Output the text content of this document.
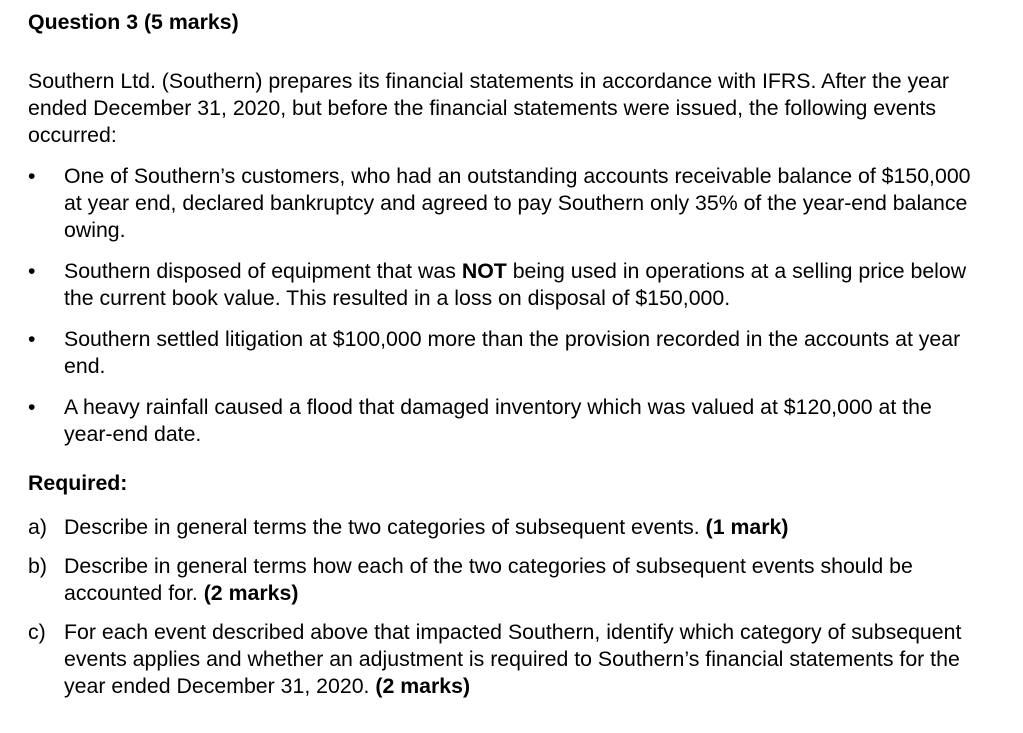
Question 3 (5 marks)
Southern Ltd. (Southern) prepares its financial statements in accordance with IFRS. After the year ended December 31, 2020, but before the financial statements were issued, the following events occurred:
•	One of Southern’s customers, who had an outstanding accounts receivable balance of $150,000 at year end, declared bankruptcy and agreed to pay Southern only 35% of the year-end balance owing.
•	Southern disposed of equipment that was NOT being used in operations at a selling price below the current book value. This resulted in a loss on disposal of $150,000.
•	Southern settled litigation at $100,000 more than the provision recorded in the accounts at year end.
•	A heavy rainfall caused a flood that damaged inventory which was valued at $120,000 at the year-end date.
Required:
a) Describe in general terms the two categories of subsequent events. (1 mark)
b) Describe in general terms how each of the two categories of subsequent events should be accounted for. (2 marks)
c) For each event described above that impacted Southern, identify which category of subsequent events applies and whether an adjustment is required to Southern’s financial statements for the year ended December 31, 2020. (2 marks)
